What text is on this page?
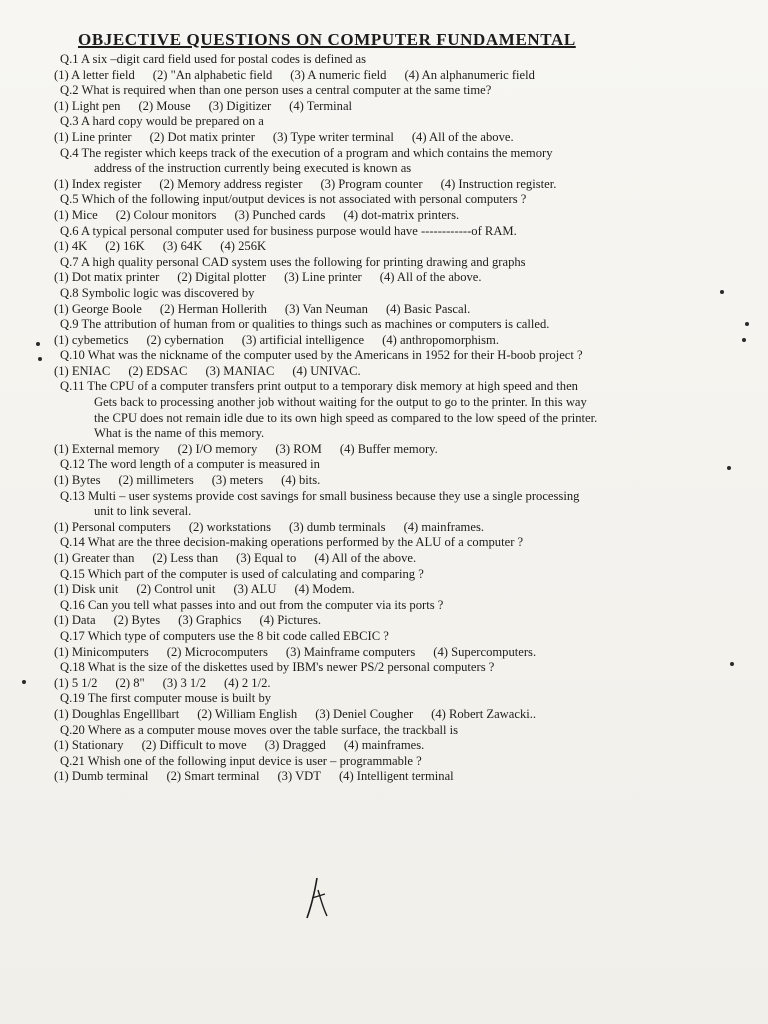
OBJECTIVE QUESTIONS ON COMPUTER FUNDAMENTAL
Q.1 A six –digit card field used for postal codes is defined as
(1) A letter field (2) "An alphabetic field (3) A numeric field (4) An alphanumeric field
Q.2 What is required when than one person uses a central computer at the same time?
(1) Light pen (2) Mouse (3) Digitizer (4) Terminal
Q.3 A hard copy would be prepared on a
(1) Line printer (2) Dot matix printer (3) Type writer terminal (4) All of the above.
Q.4 The register which keeps track of the execution of a program and which contains the memory
address of the instruction currently being executed is known as
(1) Index register (2) Memory address register (3) Program counter (4) Instruction register.
Q.5 Which of the following input/output devices is not associated with personal computers ?
(1) Mice (2) Colour monitors (3) Punched cards (4) dot-matrix printers.
Q.6 A typical personal computer used for business purpose would have ------------of RAM.
(1) 4K (2) 16K (3) 64K (4) 256K
Q.7 A high quality personal CAD system uses the following for printing drawing and graphs
(1) Dot matix printer (2) Digital plotter (3) Line printer (4) All of the above.
Q.8 Symbolic logic was discovered by
(1) George Boole (2) Herman Hollerith (3) Van Neuman (4) Basic Pascal.
Q.9 The attribution of human from or qualities to things such as machines or computers is called.
(1) cybemetics (2) cybernation (3) artificial intelligence (4) anthropomorphism.
Q.10 What was the nickname of the computer used by the Americans in 1952 for their H-boob project ?
(1) ENIAC (2) EDSAC (3) MANIAC (4) UNIVAC.
Q.11 The CPU of a computer transfers print output to a temporary disk memory at high speed and then
Gets back to processing another job without waiting for the output to go to the printer. In this way
the CPU does not remain idle due to its own high speed as compared to the low speed of the printer.
What is the name of this memory.
(1) External memory (2) I/O memory (3) ROM (4) Buffer memory.
Q.12 The word length of a computer is measured in
(1) Bytes (2) millimeters (3) meters (4) bits.
Q.13 Multi – user systems provide cost savings for small business because they use a single processing
unit to link several.
(1) Personal computers (2) workstations (3) dumb terminals (4) mainframes.
Q.14 What are the three decision-making operations performed by the ALU of a computer ?
(1) Greater than (2) Less than (3) Equal to (4) All of the above.
Q.15 Which part of the computer is used of calculating and comparing ?
(1) Disk unit (2) Control unit (3) ALU (4) Modem.
Q.16 Can you tell what passes into and out from the computer via its ports ?
(1) Data (2) Bytes (3) Graphics (4) Pictures.
Q.17 Which type of computers use the 8 bit code called EBCIC ?
(1) Minicomputers (2) Microcomputers (3) Mainframe computers (4) Supercomputers.
Q.18 What is the size of the diskettes used by IBM's newer PS/2 personal computers ?
(1) 5 1/2 (2) 8" (3) 3 1/2 (4) 2 1/2.
Q.19 The first computer mouse is built by
(1) Doughlas Engelllbart (2) William English (3) Deniel Cougher (4) Robert Zawacki..
Q.20 Where as a computer mouse moves over the table surface, the trackball is
(1) Stationary (2) Difficult to move (3) Dragged (4) mainframes.
Q.21 Whish one of the following input device is user – programmable ?
(1) Dumb terminal (2) Smart terminal (3) VDT (4) Intelligent terminal
